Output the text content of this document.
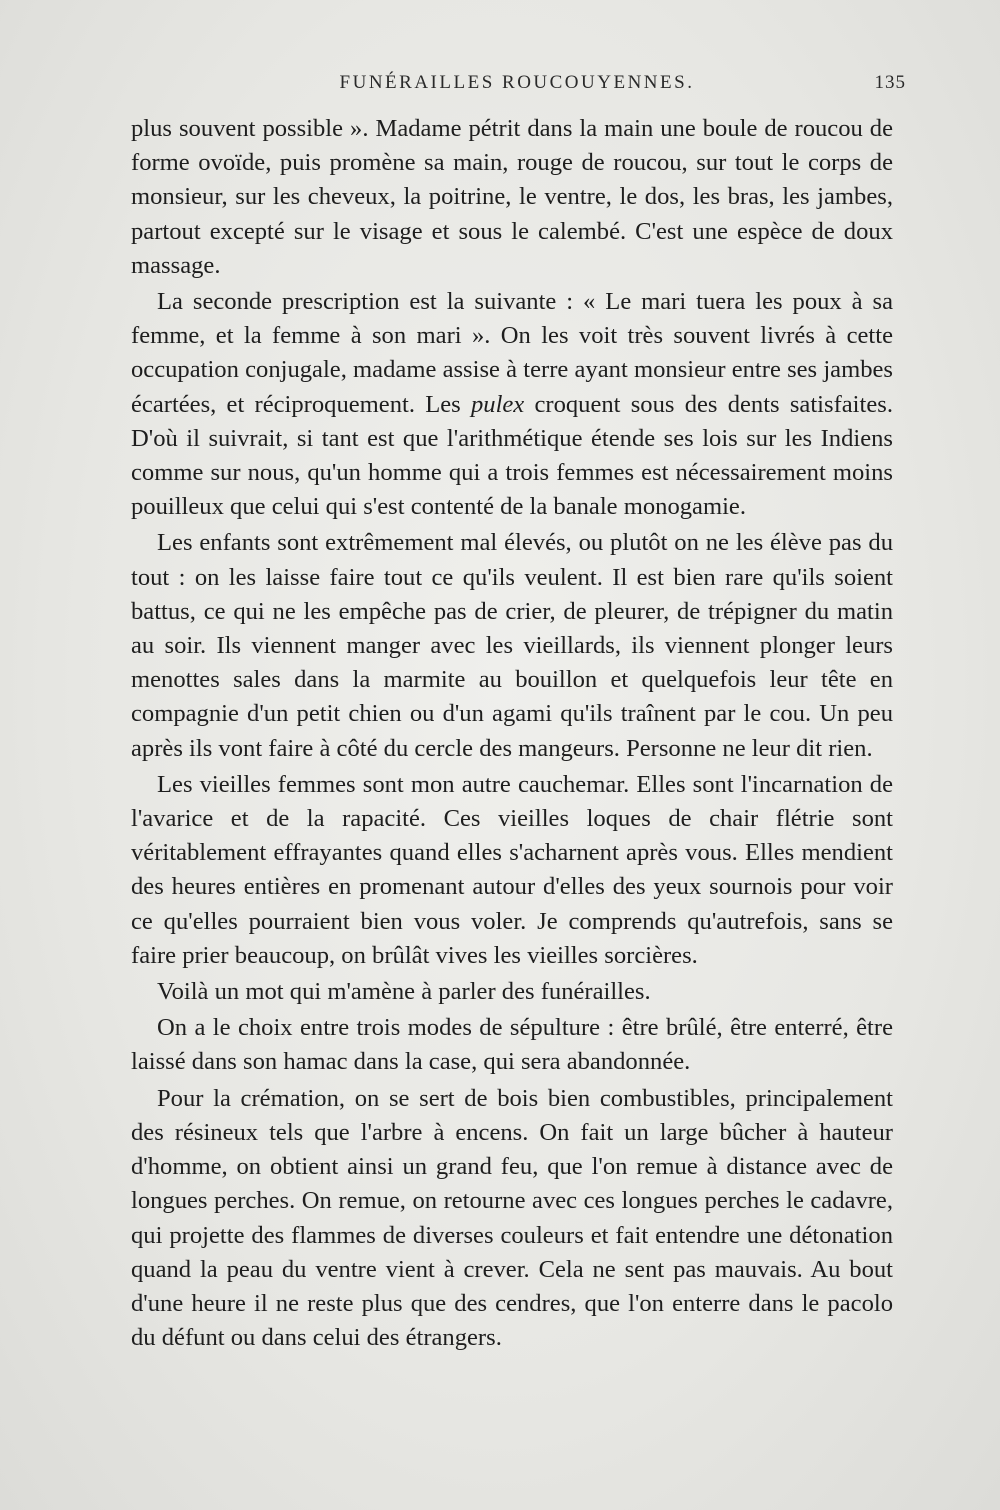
FUNÉRAILLES ROUCOUYENNES.	135

plus souvent possible ». Madame pétrit dans la main une boule de roucou de forme ovoïde, puis promène sa main, rouge de roucou, sur tout le corps de monsieur, sur les cheveux, la poitrine, le ventre, le dos, les bras, les jambes, partout excepté sur le visage et sous le calembé. C'est une espèce de doux massage.

La seconde prescription est la suivante : « Le mari tuera les poux à sa femme, et la femme à son mari ». On les voit très souvent livrés à cette occupation conjugale, madame assise à terre ayant monsieur entre ses jambes écartées, et réciproquement. Les pulex croquent sous des dents satisfaites. D'où il suivrait, si tant est que l'arithmétique étende ses lois sur les Indiens comme sur nous, qu'un homme qui a trois femmes est nécessairement moins pouilleux que celui qui s'est contenté de la banale monogamie.

Les enfants sont extrêmement mal élevés, ou plutôt on ne les élève pas du tout : on les laisse faire tout ce qu'ils veulent. Il est bien rare qu'ils soient battus, ce qui ne les empêche pas de crier, de pleurer, de trépigner du matin au soir. Ils viennent manger avec les vieillards, ils viennent plonger leurs menottes sales dans la marmite au bouillon et quelquefois leur tête en compagnie d'un petit chien ou d'un agami qu'ils traînent par le cou. Un peu après ils vont faire à côté du cercle des mangeurs. Personne ne leur dit rien.

Les vieilles femmes sont mon autre cauchemar. Elles sont l'incarnation de l'avarice et de la rapacité. Ces vieilles loques de chair flétrie sont véritablement effrayantes quand elles s'acharnent après vous. Elles mendient des heures entières en promenant autour d'elles des yeux sournois pour voir ce qu'elles pourraient bien vous voler. Je comprends qu'autrefois, sans se faire prier beaucoup, on brûlât vives les vieilles sorcières.

Voilà un mot qui m'amène à parler des funérailles.

On a le choix entre trois modes de sépulture : être brûlé, être enterré, être laissé dans son hamac dans la case, qui sera abandonnée.

Pour la crémation, on se sert de bois bien combustibles, principalement des résineux tels que l'arbre à encens. On fait un large bûcher à hauteur d'homme, on obtient ainsi un grand feu, que l'on remue à distance avec de longues perches. On remue, on retourne avec ces longues perches le cadavre, qui projette des flammes de diverses couleurs et fait entendre une détonation quand la peau du ventre vient à crever. Cela ne sent pas mauvais. Au bout d'une heure il ne reste plus que des cendres, que l'on enterre dans le pacolo du défunt ou dans celui des étrangers.
